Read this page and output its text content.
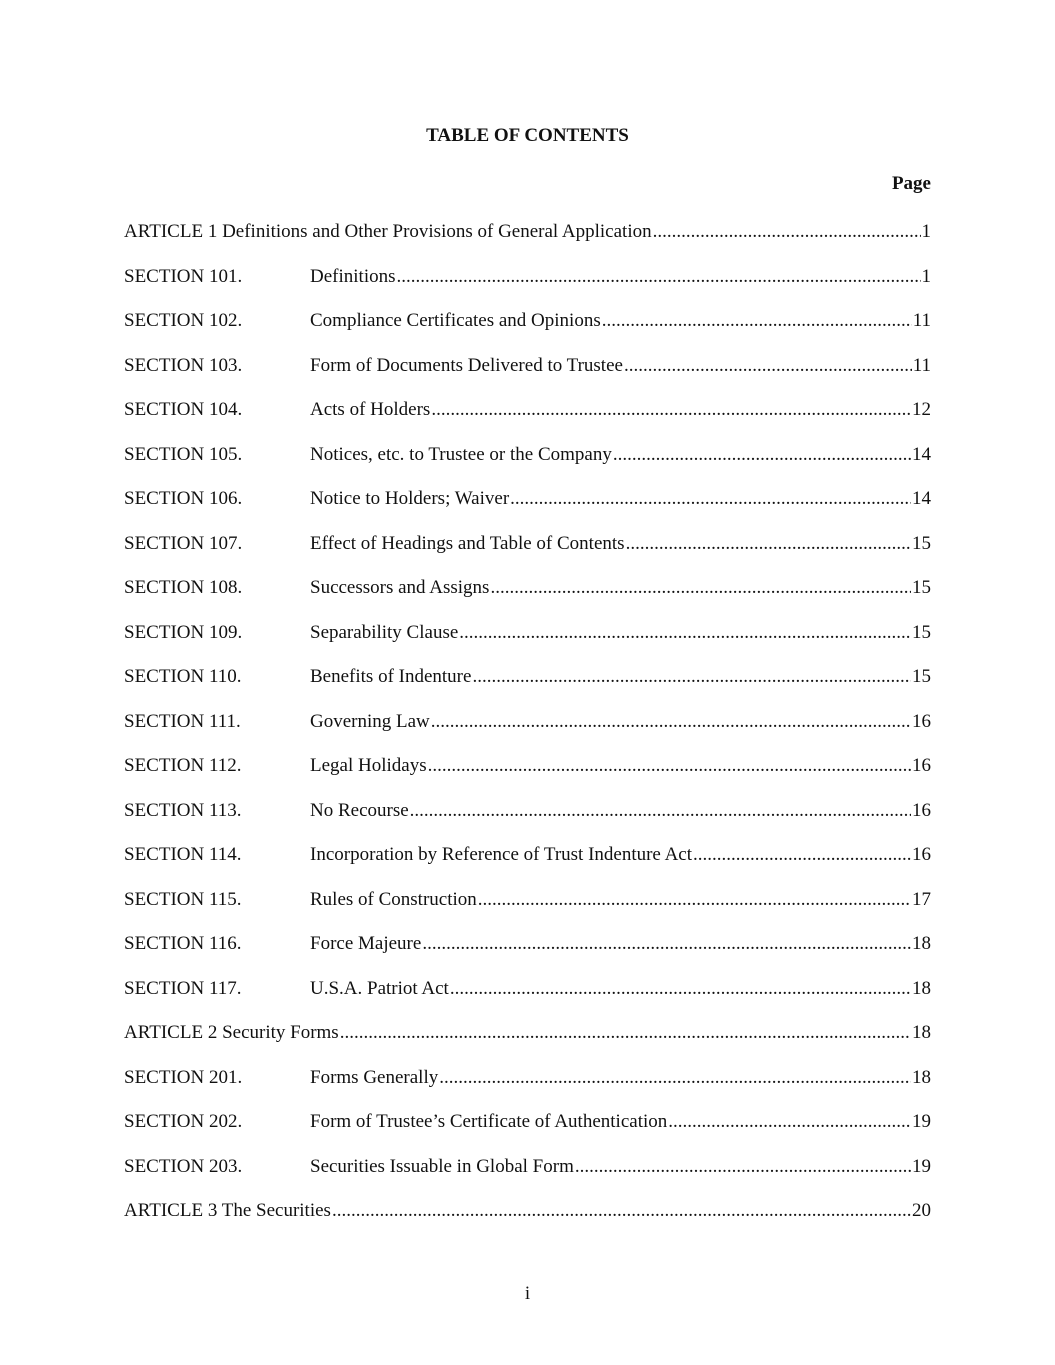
TABLE OF CONTENTS
Page
ARTICLE 1 Definitions and Other Provisions of General Application .....	1
SECTION 101.	Definitions .....	1
SECTION 102.	Compliance Certificates and Opinions .....	11
SECTION 103.	Form of Documents Delivered to Trustee .....	11
SECTION 104.	Acts of Holders .....	12
SECTION 105.	Notices, etc. to Trustee or the Company .....	14
SECTION 106.	Notice to Holders; Waiver .....	14
SECTION 107.	Effect of Headings and Table of Contents .....	15
SECTION 108.	Successors and Assigns .....	15
SECTION 109.	Separability Clause .....	15
SECTION 110.	Benefits of Indenture .....	15
SECTION 111.	Governing Law .....	16
SECTION 112.	Legal Holidays .....	16
SECTION 113.	No Recourse .....	16
SECTION 114.	Incorporation by Reference of Trust Indenture Act .....	16
SECTION 115.	Rules of Construction .....	17
SECTION 116.	Force Majeure .....	18
SECTION 117.	U.S.A. Patriot Act .....	18
ARTICLE 2 Security Forms .....	18
SECTION 201.	Forms Generally .....	18
SECTION 202.	Form of Trustee’s Certificate of Authentication .....	19
SECTION 203.	Securities Issuable in Global Form .....	19
ARTICLE 3 The Securities .....	20
i
